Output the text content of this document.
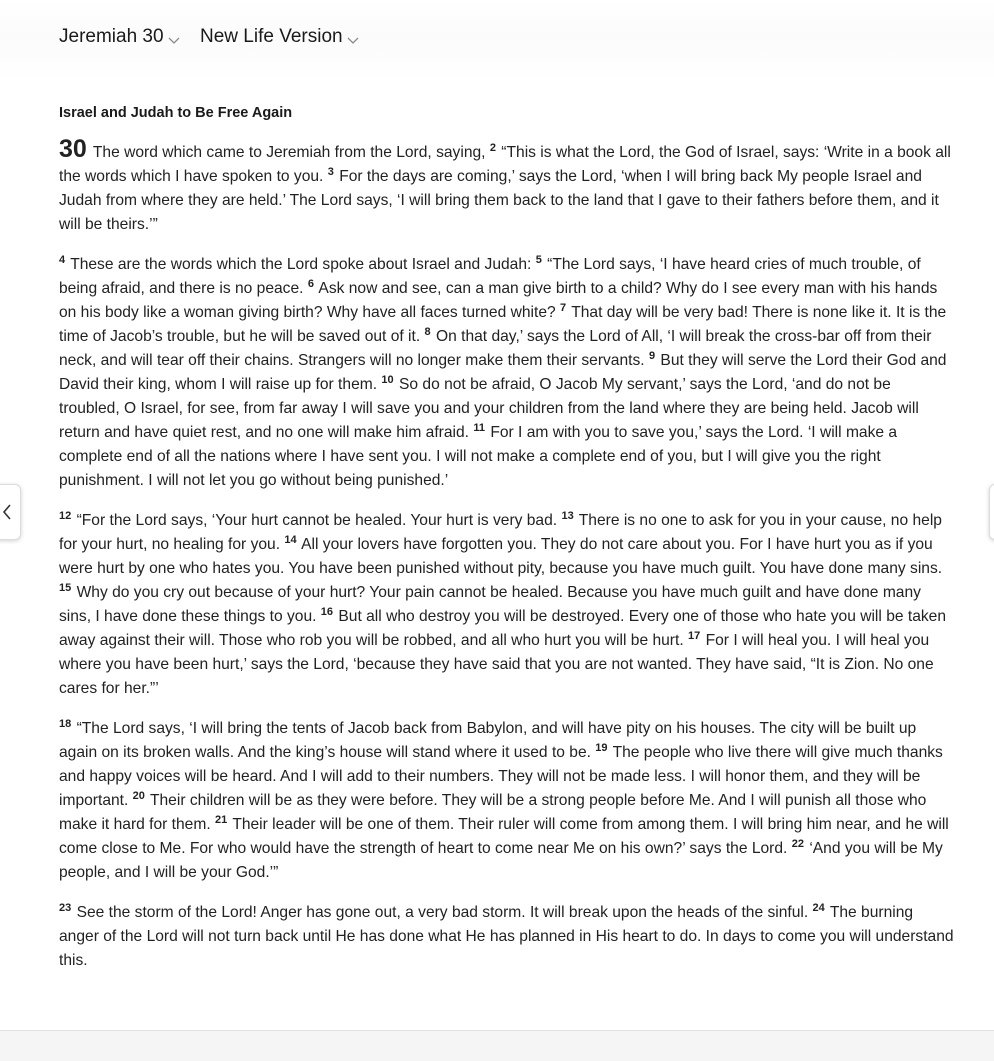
Jeremiah 30 New Life Version
Israel and Judah to Be Free Again

30 The word which came to Jeremiah from the Lord, saying, $^2$ “This is what the Lord, the God of Israel, says: ‘Write in a book all the words which I have spoken to you. $^3$ For the days are coming,’ says the Lord, ‘when I will bring back My people Israel and Judah from where they are held.’ The Lord says, ‘I will bring them back to the land that I gave to their fathers before them, and it will be theirs.’”

$^4$ These are the words which the Lord spoke about Israel and Judah: $^5$ “The Lord says, ‘I have heard cries of much trouble, of being afraid, and there is no peace. $^6$ Ask now and see, can a man give birth to a child? Why do I see every man with his hands on his body like a woman giving birth? Why have all faces turned white? $^7$ That day will be very bad! There is none like it. It is the time of Jacob’s trouble, but he will be saved out of it. $^8$ On that day,’ says the Lord of All, ‘I will break the cross-bar off from their neck, and will tear off their chains. Strangers will no longer make them their servants. $^9$ But they will serve the Lord their God and David their king, whom I will raise up for them. $^{10}$ So do not be afraid, O Jacob My servant,’ says the Lord, ‘and do not be troubled, O Israel, for see, from far away I will save you and your children from the land where they are being held. Jacob will return and have quiet rest, and no one will make him afraid. $^{11}$ For I am with you to save you,’ says the Lord. ‘I will make a complete end of all the nations where I have sent you. I will not make a complete end of you, but I will give you the right punishment. I will not let you go without being punished.’

$^{12}$ “For the Lord says, ‘Your hurt cannot be healed. Your hurt is very bad. $^{13}$ There is no one to ask for you in your cause, no help for your hurt, no healing for you. $^{14}$ All your lovers have forgotten you. They do not care about you. For I have hurt you as if you were hurt by one who hates you. You have been punished without pity, because you have much guilt. You have done many sins. $^{15}$ Why do you cry out because of your hurt? Your pain cannot be healed. Because you have much guilt and have done many sins, I have done these things to you. $^{16}$ But all who destroy you will be destroyed. Every one of those who hate you will be taken away against their will. Those who rob you will be robbed, and all who hurt you will be hurt. $^{17}$ For I will heal you. I will heal you where you have been hurt,’ says the Lord, ‘because they have said that you are not wanted. They have said, “It is Zion. No one cares for her.”’

$^{18}$ “The Lord says, ‘I will bring the tents of Jacob back from Babylon, and will have pity on his houses. The city will be built up again on its broken walls. And the king’s house will stand where it used to be. $^{19}$ The people who live there will give much thanks and happy voices will be heard. And I will add to their numbers. They will not be made less. I will honor them, and they will be important. $^{20}$ Their children will be as they were before. They will be a strong people before Me. And I will punish all those who make it hard for them. $^{21}$ Their leader will be one of them. Their ruler will come from among them. I will bring him near, and he will come close to Me. For who would have the strength of heart to come near Me on his own?’ says the Lord. $^{22}$ ‘And you will be My people, and I will be your God.’”

$^{23}$ See the storm of the Lord! Anger has gone out, a very bad storm. It will break upon the heads of the sinful. $^{24}$ The burning anger of the Lord will not turn back until He has done what He has planned in His heart to do. In days to come you will understand this.
